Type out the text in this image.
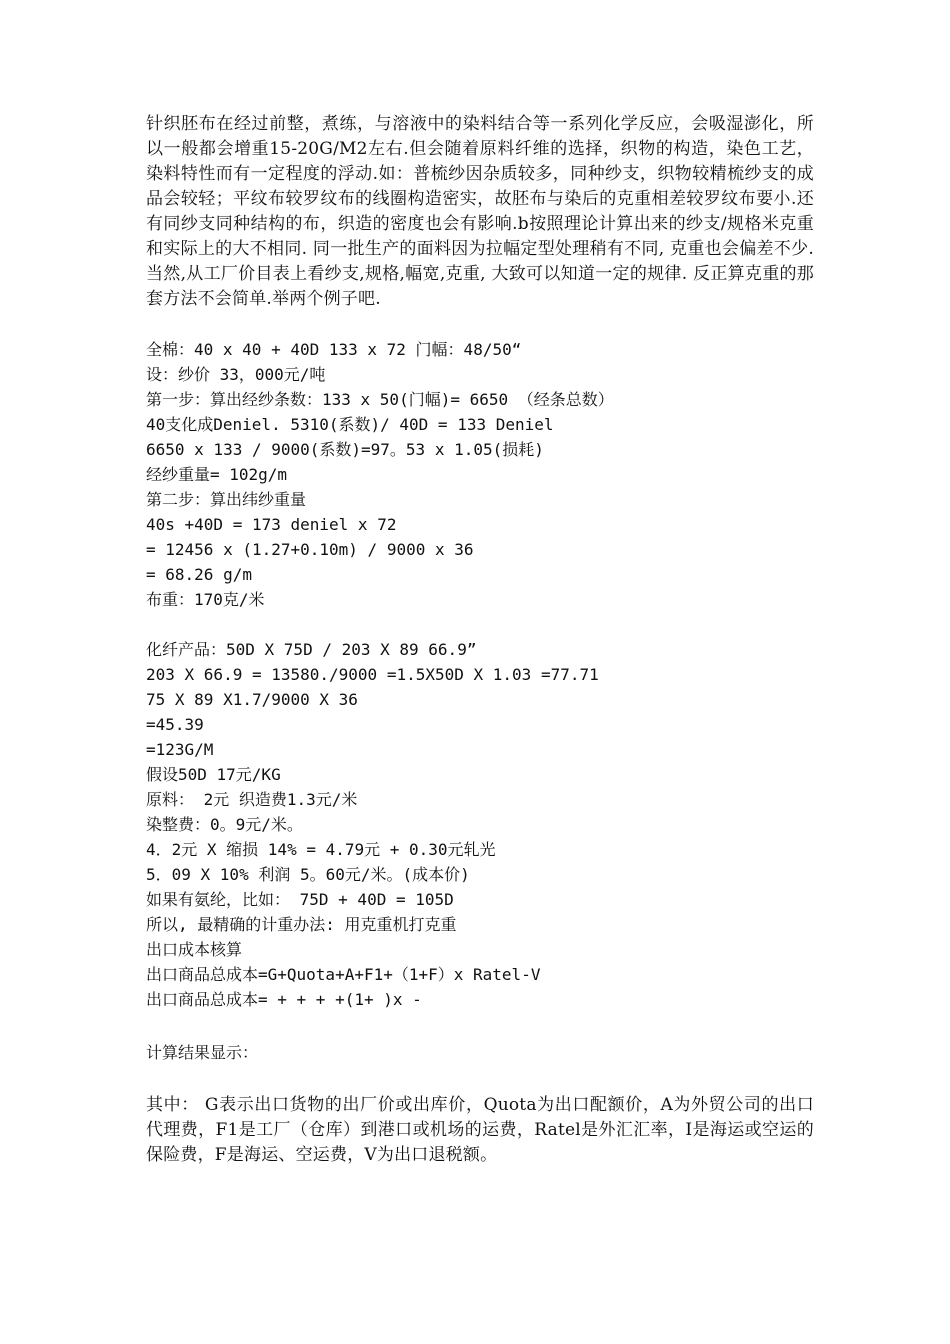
针织胚布在经过前整，煮练，与溶液中的染料结合等一系列化学反应，会吸湿澎化，所以一般都会增重15-20G/M2左右.但会随着原料纤维的选择，织物的构造，染色工艺，染料特性而有一定程度的浮动.如：普梳纱因杂质较多，同种纱支，织物较精梳纱支的成品会较轻；平纹布较罗纹布的线圈构造密实，故胚布与染后的克重相差较罗纹布要小.还有同纱支同种结构的布，织造的密度也会有影响.b按照理论计算出来的纱支/规格米克重和实际上的大不相同. 同一批生产的面料因为拉幅定型处理稍有不同, 克重也会偏差不少.当然,从工厂价目表上看纱支,规格,幅宽,克重, 大致可以知道一定的规律. 反正算克重的那套方法不会简单.举两个例子吧.

全棉：40 x 40 + 40D 133 x 72 门幅：48/50“
设：纱价 33，000元/吨
第一步：算出经纱条数：133 x 50(门幅)= 6650 （经条总数）
40支化成Deniel. 5310(系数)/ 40D = 133 Deniel
6650 x 133 / 9000(系数)=97。53 x 1.05(损耗)
经纱重量= 102g/m
第二步：算出纬纱重量
40s +40D = 173 deniel x 72
= 12456 x (1.27+0.10m) / 9000 x 36
= 68.26 g/m
布重：170克/米
化纤产品：50D X 75D / 203 X 89 66.9”
203 X 66.9 = 13580./9000 =1.5X50D X 1.03 =77.71
75 X 89 X1.7/9000 X 36
=45.39
=123G/M
假设50D 17元/KG
原料： 2元 织造费1.3元/米
染整费：0。9元/米。
4．2元 X 缩损 14% = 4.79元 + 0.30元轧光
5．09 X 10% 利润 5。60元/米。(成本价)
如果有氨纶，比如： 75D + 40D = 105D
所以, 最精确的计重办法: 用克重机打克重
出口成本核算
出口商品总成本=G+Quota+A+F1+（1+F）x Ratel-V
出口商品总成本= + + + +(1+ )x -
计算结果显示：

其中： G表示出口货物的出厂价或出库价，Quota为出口配额价，A为外贸公司的出口代理费，F1是工厂（仓库）到港口或机场的运费，Ratel是外汇汇率，I是海运或空运的保险费，F是海运、空运费，V为出口退税额。
